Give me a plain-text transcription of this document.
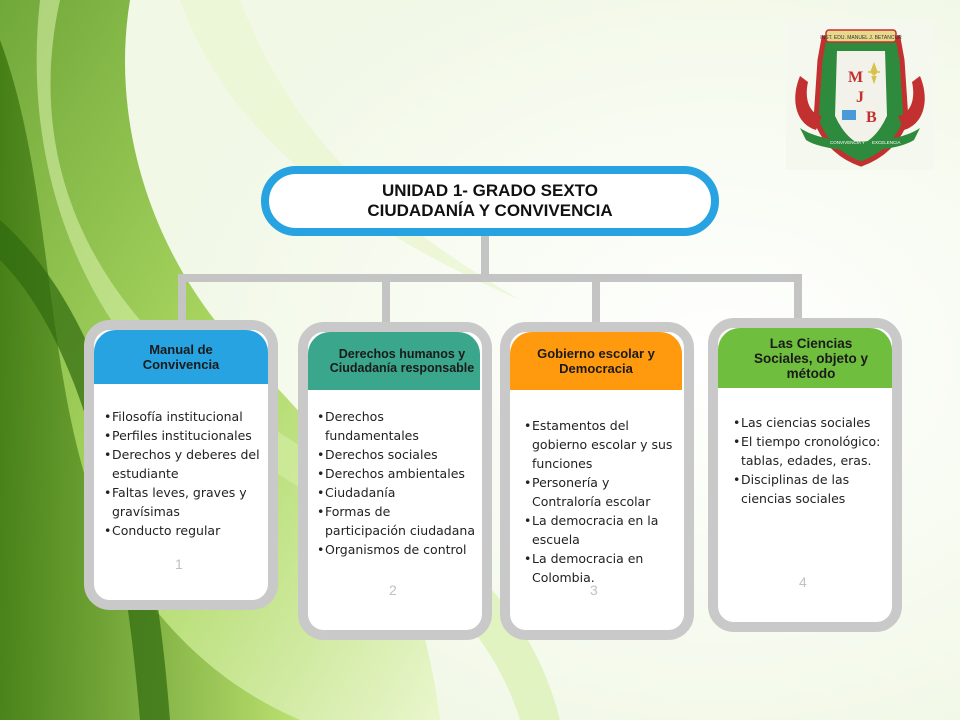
INST. EDU. MANUEL J. BETANCUR
M
J
B
CONVIVENCIA Y EXCELENCIA
UNIDAD 1- GRADO SEXTO
CIUDADANÍA Y CONVIVENCIA
Manual de Convivencia
• Filosofía institucional
• Perfiles institucionales
• Derechos y deberes del estudiante
• Faltas leves, graves y gravísimas
• Conducto regular
1
Derechos humanos y Ciudadanía responsable
• Derechos fundamentales
• Derechos sociales
• Derechos ambientales
• Ciudadanía
• Formas de participación ciudadana
• Organismos de control
2
Gobierno escolar y Democracia
• Estamentos del gobierno escolar y sus funciones
• Personería y Contraloría escolar
• La democracia en la escuela
• La democracia en Colombia.
3
Las Ciencias Sociales, objeto y método
• Las ciencias sociales
• El tiempo cronológico: tablas, edades, eras.
• Disciplinas de las ciencias sociales
4
